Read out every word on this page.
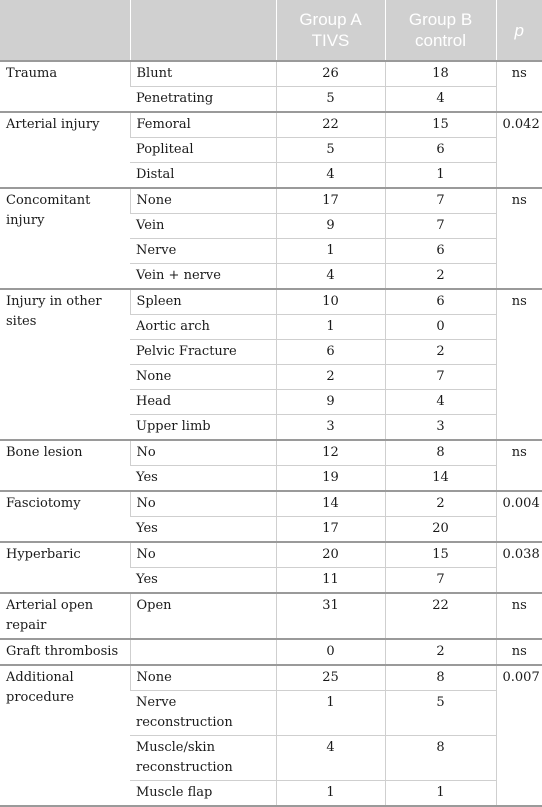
		Group A TIVS	Group B control	p
Trauma	Blunt	26	18	ns
	Penetrating	5	4	
Arterial injury	Femoral	22	15	0.042
	Popliteal	5	6	
	Distal	4	1	
Concomitant injury	None	17	7	ns
	Vein	9	7	
	Nerve	1	6	
	Vein + nerve	4	2	
Injury in other sites	Spleen	10	6	ns
	Aortic arch	1	0	
	Pelvic Fracture	6	2	
	None	2	7	
	Head	9	4	
	Upper limb	3	3	
Bone lesion	No	12	8	ns
	Yes	19	14	
Fasciotomy	No	14	2	0.004
	Yes	17	20	
Hyperbaric	No	20	15	0.038
	Yes	11	7	
Arterial open repair	Open	31	22	ns
Graft thrombosis		0	2	ns
Additional procedure	None	25	8	0.007
	Nerve reconstruction	1	5	
	Muscle/skin reconstruction	4	8	
	Muscle flap	1	1	
